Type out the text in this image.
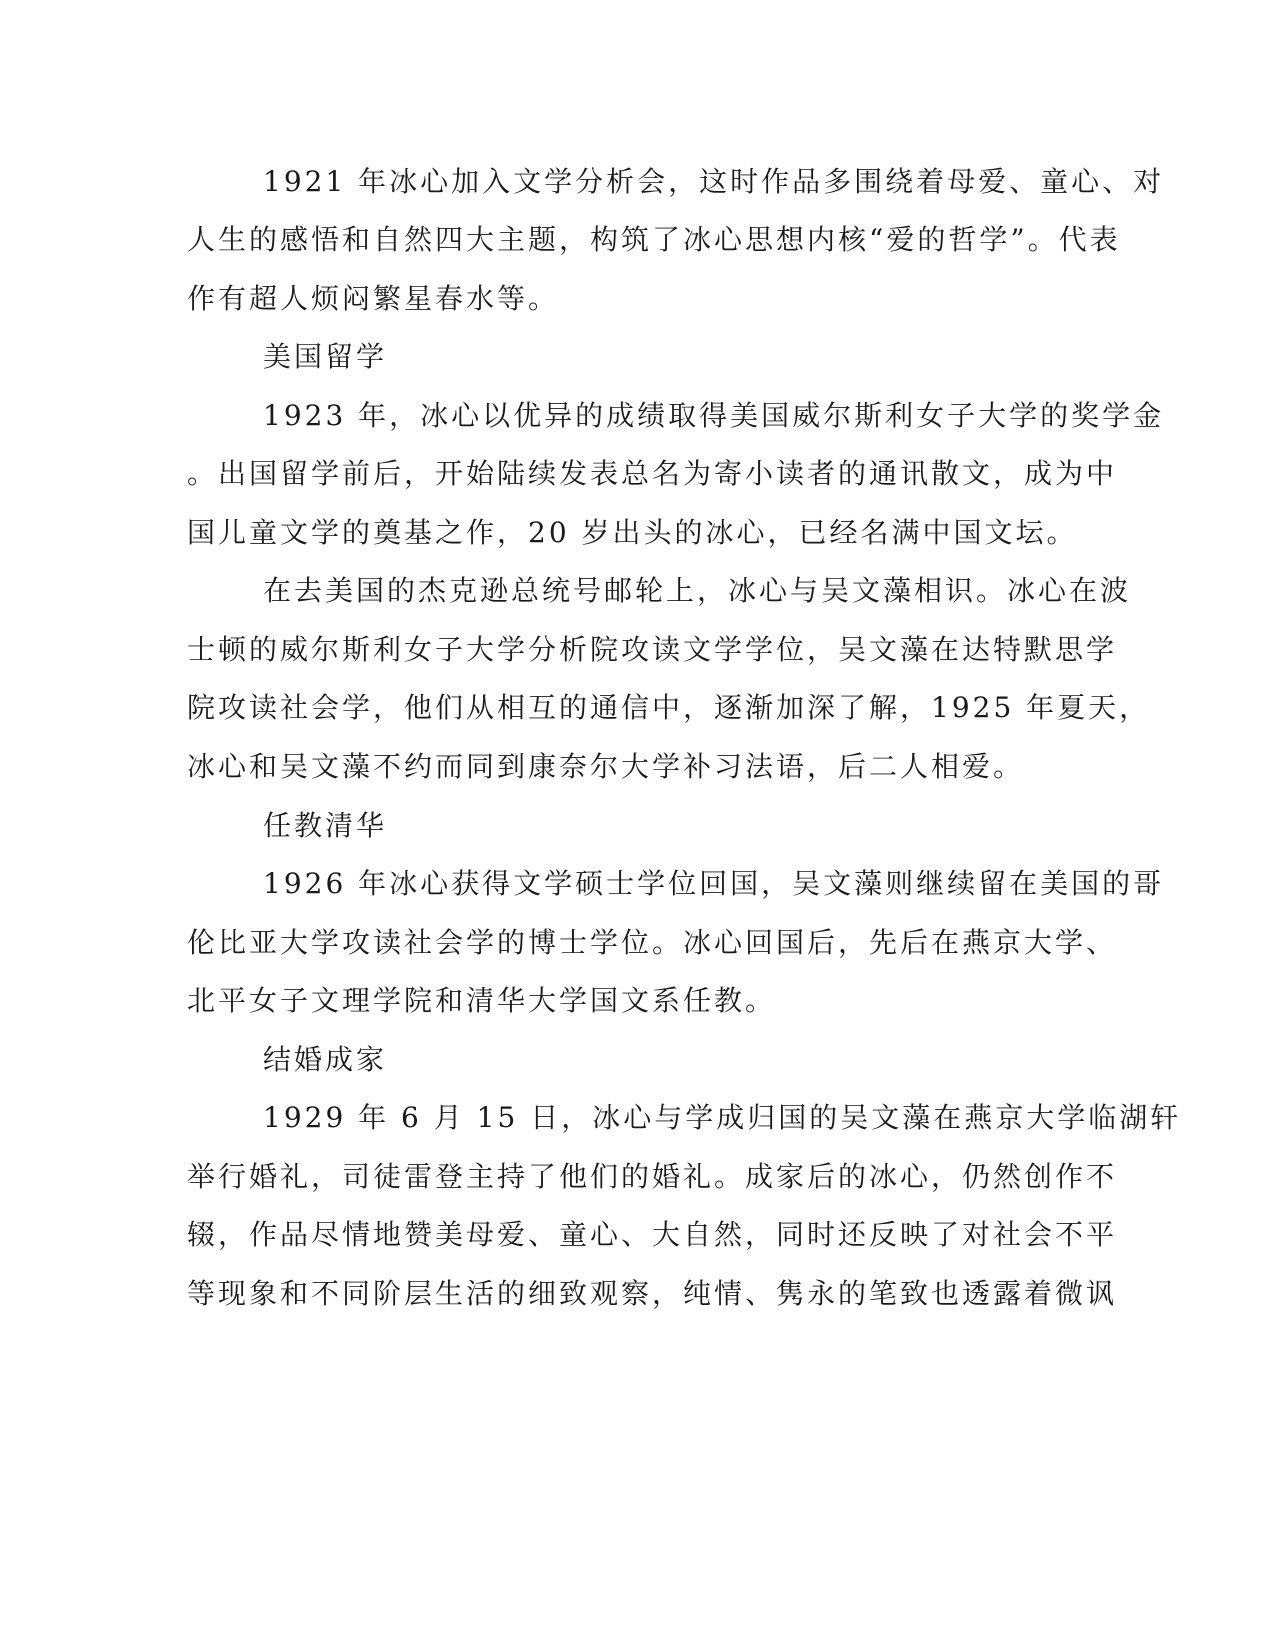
1921 年冰心加入文学分析会，这时作品多围绕着母爱、童心、对
人生的感悟和自然四大主题，构筑了冰心思想内核“爱的哲学”。代表
作有超人烦闷繁星春水等。
美国留学
1923 年，冰心以优异的成绩取得美国威尔斯利女子大学的奖学金
。出国留学前后，开始陆续发表总名为寄小读者的通讯散文，成为中
国儿童文学的奠基之作，20 岁出头的冰心，已经名满中国文坛。
在去美国的杰克逊总统号邮轮上，冰心与吴文藻相识。冰心在波
士顿的威尔斯利女子大学分析院攻读文学学位，吴文藻在达特默思学
院攻读社会学，他们从相互的通信中，逐渐加深了解，1925 年夏天，
冰心和吴文藻不约而同到康奈尔大学补习法语，后二人相爱。
任教清华
1926 年冰心获得文学硕士学位回国，吴文藻则继续留在美国的哥
伦比亚大学攻读社会学的博士学位。冰心回国后，先后在燕京大学、
北平女子文理学院和清华大学国文系任教。
结婚成家
1929 年 6 月 15 日，冰心与学成归国的吴文藻在燕京大学临湖轩
举行婚礼，司徒雷登主持了他们的婚礼。成家后的冰心，仍然创作不
辍，作品尽情地赞美母爱、童心、大自然，同时还反映了对社会不平
等现象和不同阶层生活的细致观察，纯情、隽永的笔致也透露着微讽
